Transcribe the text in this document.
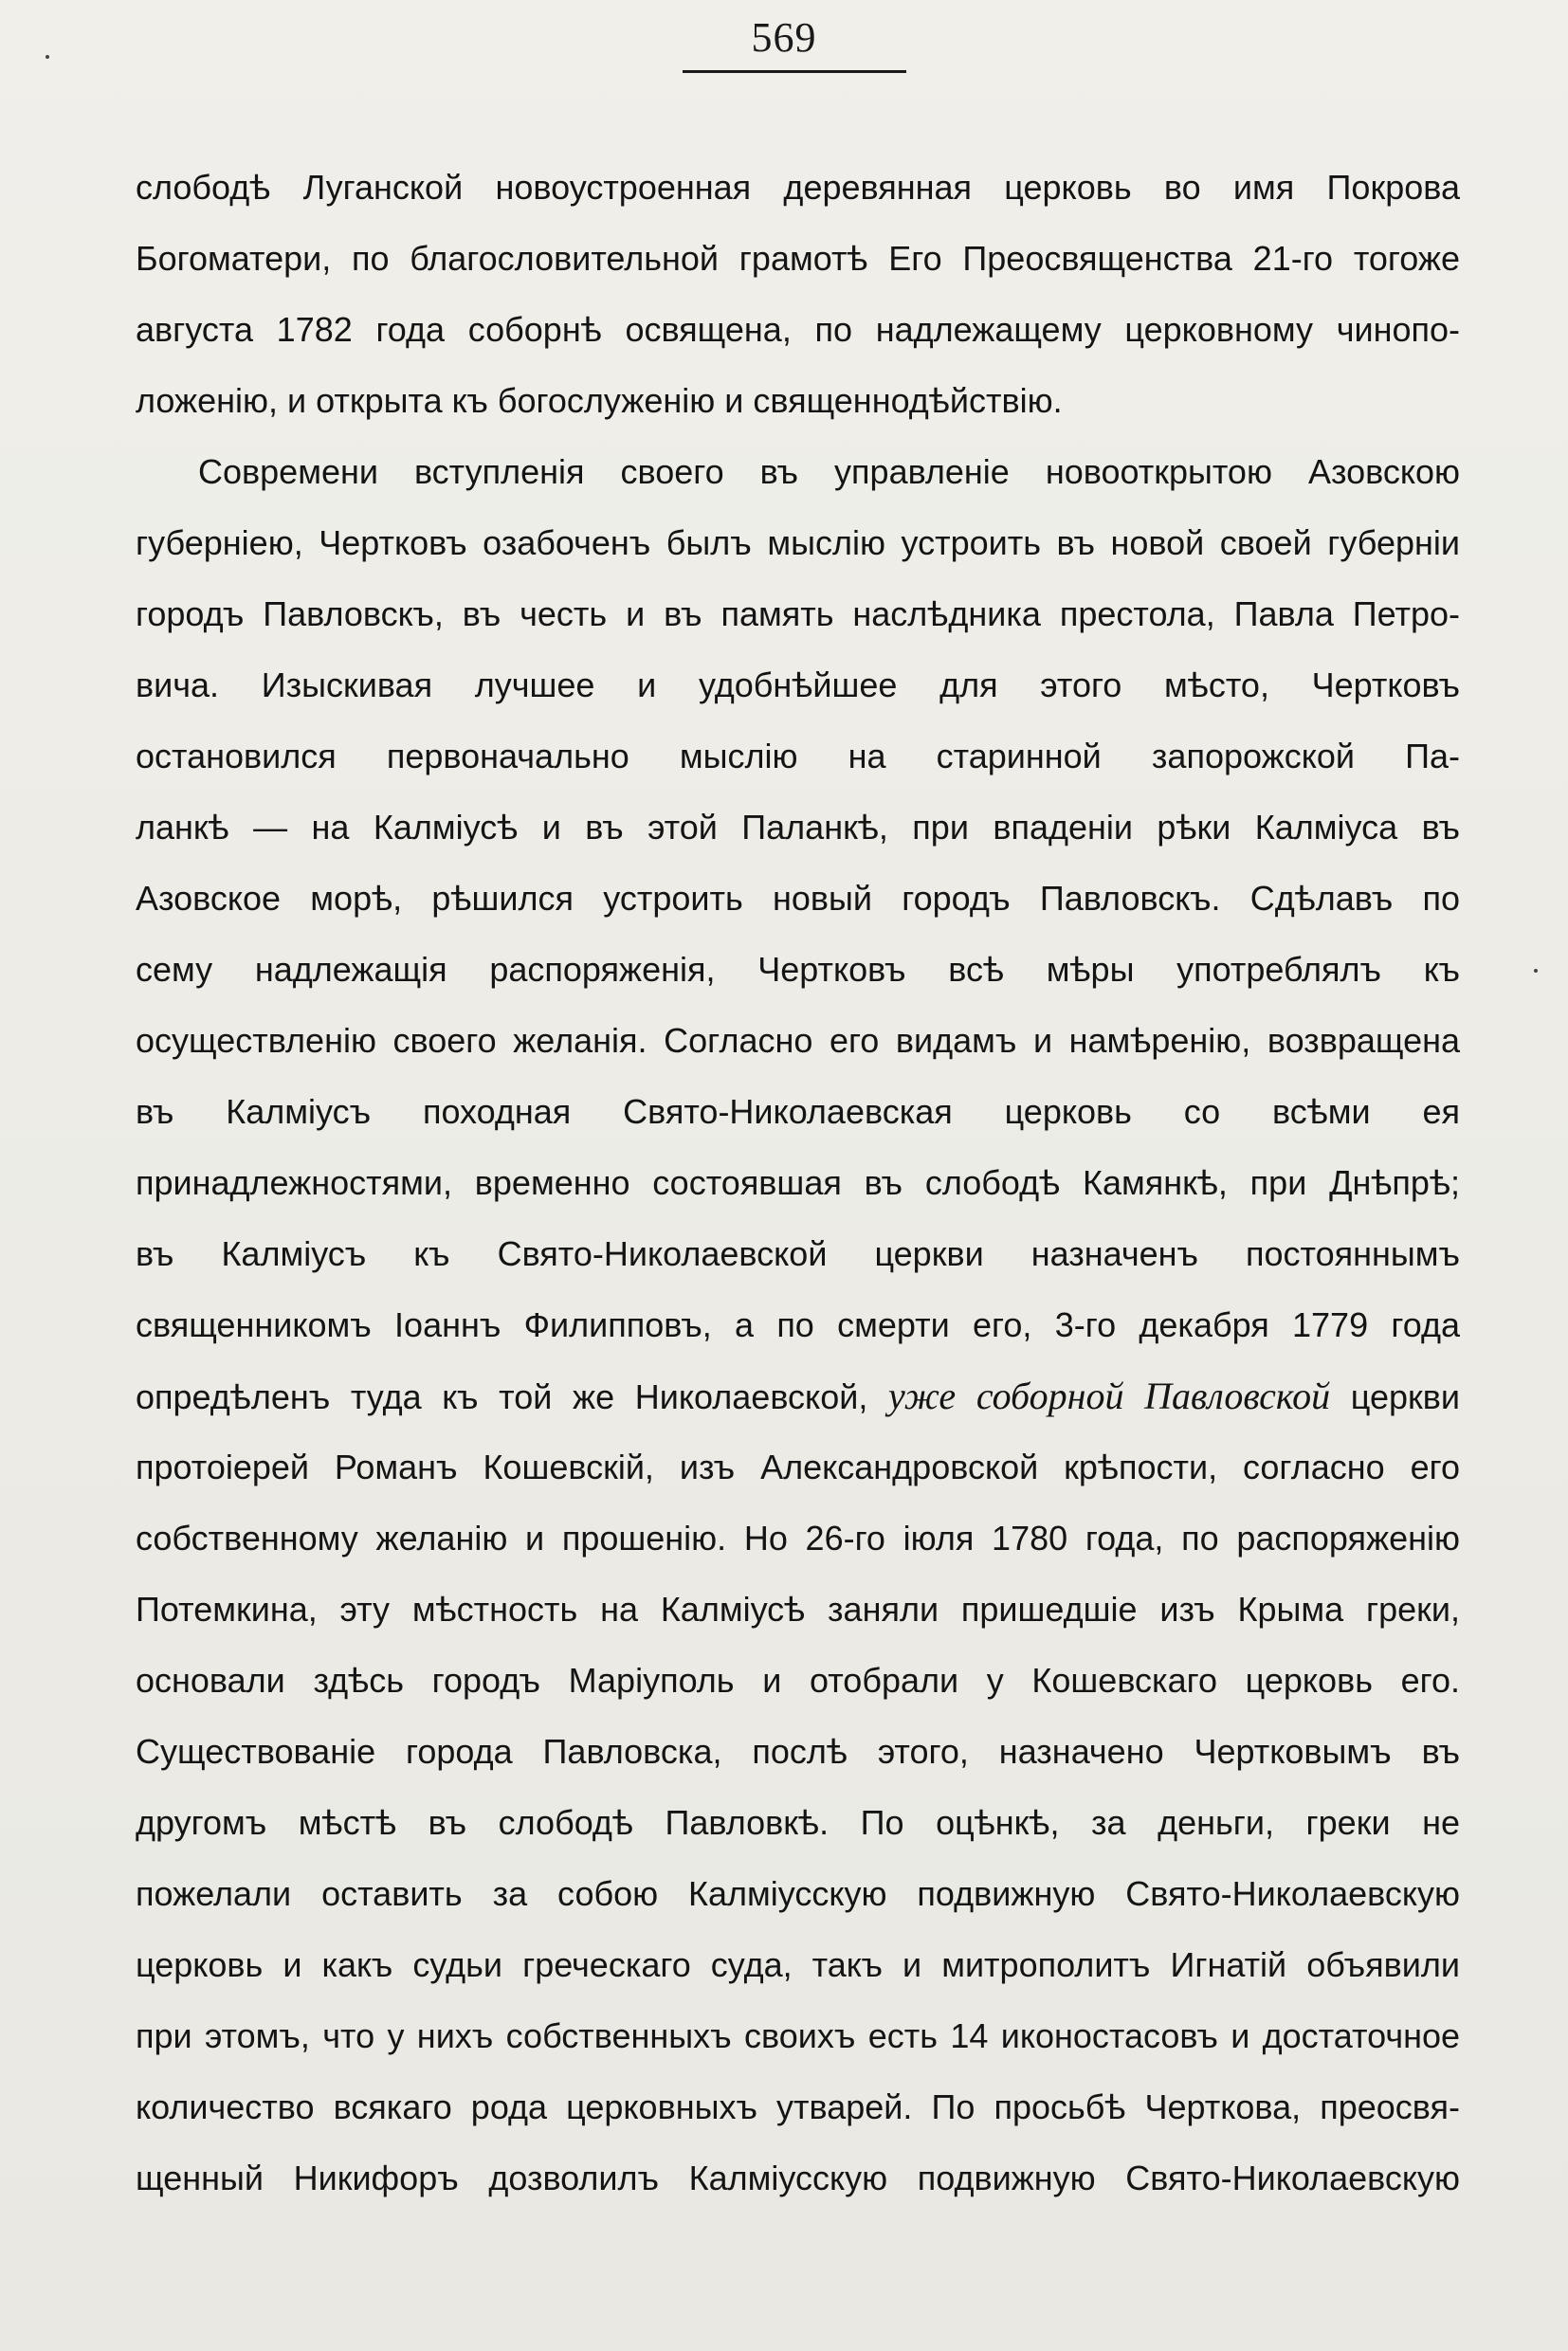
569
слободѣ Луганской новоустроенная деревянная церковь во имя Покрова
Богоматери, по благословительной грамотѣ Его Преосвященства 21-го тогоже
августа 1782 года соборнѣ освящена, по надлежащему церковному чинопо-
ложенію, и открыта къ богослуженію и священнодѣйствію.
Современи вступленія своего въ управленіе новооткрытою Азовскою
губерніею, Чертковъ озабоченъ былъ мыслію устроить въ новой своей губерніи
городъ Павловскъ, въ честь и въ память наслѣдника престола, Павла Петро-
вича. Изыскивая лучшее и удобнѣйшее для этого мѣсто, Чертковъ
остановился первоначально мыслію на старинной запорожской Па-
ланкѣ — на Калміусѣ и въ этой Паланкѣ, при впаденіи рѣки Калміуса въ
Азовское морѣ, рѣшился устроить новый городъ Павловскъ. Сдѣлавъ по
сему надлежащія распоряженія, Чертковъ всѣ мѣры употреблялъ къ
осуществленію своего желанія. Согласно его видамъ и намѣренію, возвращена
въ Калміусъ походная Свято-Николаевская церковь со всѣми ея
принадлежностями, временно состоявшая въ слободѣ Камянкѣ, при Днѣпрѣ;
въ Калміусъ къ Свято-Николаевской церкви назначенъ постояннымъ
священникомъ Іоаннъ Филипповъ, а по смерти его, 3-го декабря 1779 года
опредѣленъ туда къ той же Николаевской, уже соборной Павловской церкви
протоіерей Романъ Кошевскій, изъ Александровской крѣпости, согласно его
собственному желанію и прошенію. Но 26-го іюля 1780 года, по распоряженію
Потемкина, эту мѣстность на Калміусѣ заняли пришедшіе изъ Крыма греки,
основали здѣсь городъ Маріуполь и отобрали у Кошевскаго церковь его.
Существованіе города Павловска, послѣ этого, назначено Чертковымъ въ
другомъ мѣстѣ въ слободѣ Павловкѣ. По оцѣнкѣ, за деньги, греки не
пожелали оставить за собою Калміусскую подвижную Свято-Николаевскую
церковь и какъ судьи греческаго суда, такъ и митрополитъ Игнатій объявили
при этомъ, что у нихъ собственныхъ своихъ есть 14 иконостасовъ и достаточное
количество всякаго рода церковныхъ утварей. По просьбѣ Черткова, преосвя-
щенный Никифоръ дозволилъ Калміусскую подвижную Свято-Николаевскую
